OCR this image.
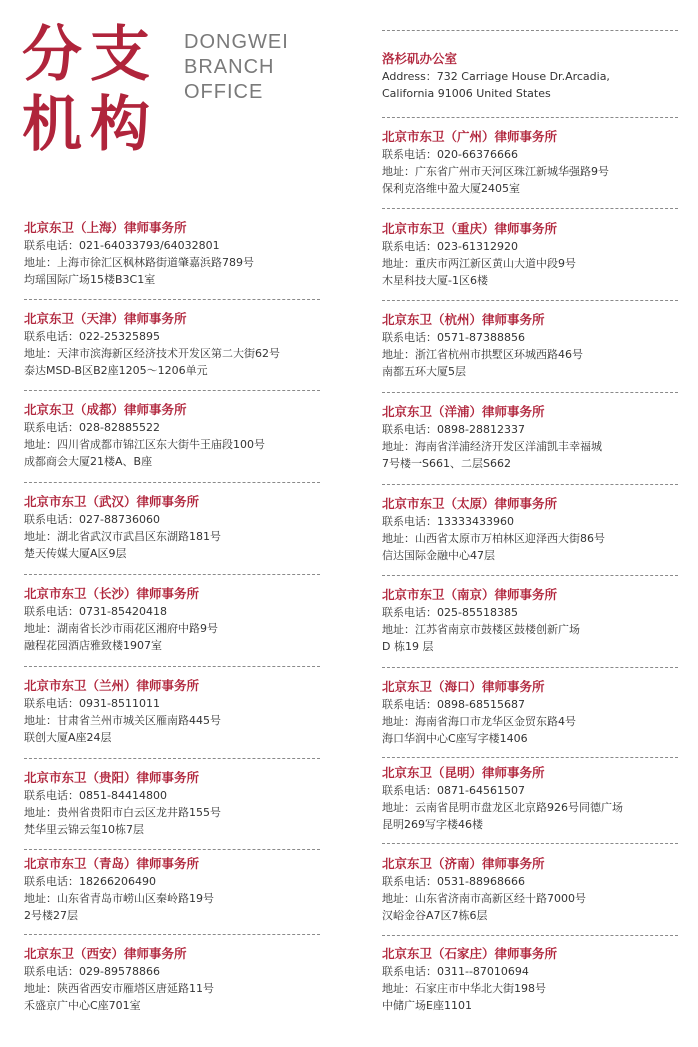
分支
机构
DONGWEI
BRANCH
OFFICE
北京东卫（上海）律师事务所
联系电话：021-64033793/64032801
地址：上海市徐汇区枫林路街道肇嘉浜路789号
均瑶国际广场15楼B3C1室
北京东卫（天津）律师事务所
联系电话：022-25325895
地址：天津市滨海新区经济技术开发区第二大街62号
泰达MSD-B区B2座1205～1206单元
北京东卫（成都）律师事务所
联系电话：028-82885522
地址：四川省成都市锦江区东大街牛王庙段100号
成都商会大厦21楼A、B座
北京市东卫（武汉）律师事务所
联系电话：027-88736060
地址：湖北省武汉市武昌区东湖路181号
楚天传媒大厦A区9层
北京市东卫（长沙）律师事务所
联系电话：0731-85420418
地址：湖南省长沙市雨花区湘府中路9号
融程花园酒店雅致楼1907室
北京市东卫（兰州）律师事务所
联系电话：0931-8511011
地址：甘肃省兰州市城关区雁南路445号
联创大厦A座24层
北京市东卫（贵阳）律师事务所
联系电话：0851-84414800
地址：贵州省贵阳市白云区龙井路155号
梵华里云锦云玺10栋7层
北京市东卫（青岛）律师事务所
联系电话：18266206490
地址：山东省青岛市崂山区秦岭路19号
2号楼27层
北京东卫（西安）律师事务所
联系电话：029-89578866
地址：陕西省西安市雁塔区唐延路11号
禾盛京广中心C座701室
洛杉矶办公室
Address：732 Carriage House Dr.Arcadia,
California 91006 United States
北京市东卫（广州）律师事务所
联系电话：020-66376666
地址：广东省广州市天河区珠江新城华强路9号
保利克洛维中盈大厦2405室
北京市东卫（重庆）律师事务所
联系电话：023-61312920
地址：重庆市两江新区黄山大道中段9号
木星科技大厦-1区6楼
北京东卫（杭州）律师事务所
联系电话：0571-87388856
地址：浙江省杭州市拱墅区环城西路46号
南都五环大厦5层
北京东卫（洋浦）律师事务所
联系电话：0898-28812337
地址：海南省洋浦经济开发区洋浦凯丰幸福城
7号楼一S661、二层S662
北京市东卫（太原）律师事务所
联系电话：13333433960
地址：山西省太原市万柏林区迎泽西大街86号
信达国际金融中心47层
北京市东卫（南京）律师事务所
联系电话：025-85518385
地址：江苏省南京市鼓楼区鼓楼创新广场
D 栋19 层
北京东卫（海口）律师事务所
联系电话：0898-68515687
地址：海南省海口市龙华区金贸东路4号
海口华润中心C座写字楼1406
北京东卫（昆明）律师事务所
联系电话：0871-64561507
地址：云南省昆明市盘龙区北京路926号同德广场
昆明269写字楼46楼
北京东卫（济南）律师事务所
联系电话：0531-88968666
地址：山东省济南市高新区经十路7000号
汉峪金谷A7区7栋6层
北京东卫（石家庄）律师事务所
联系电话：0311--87010694
地址：石家庄市中华北大街198号
中储广场E座1101
